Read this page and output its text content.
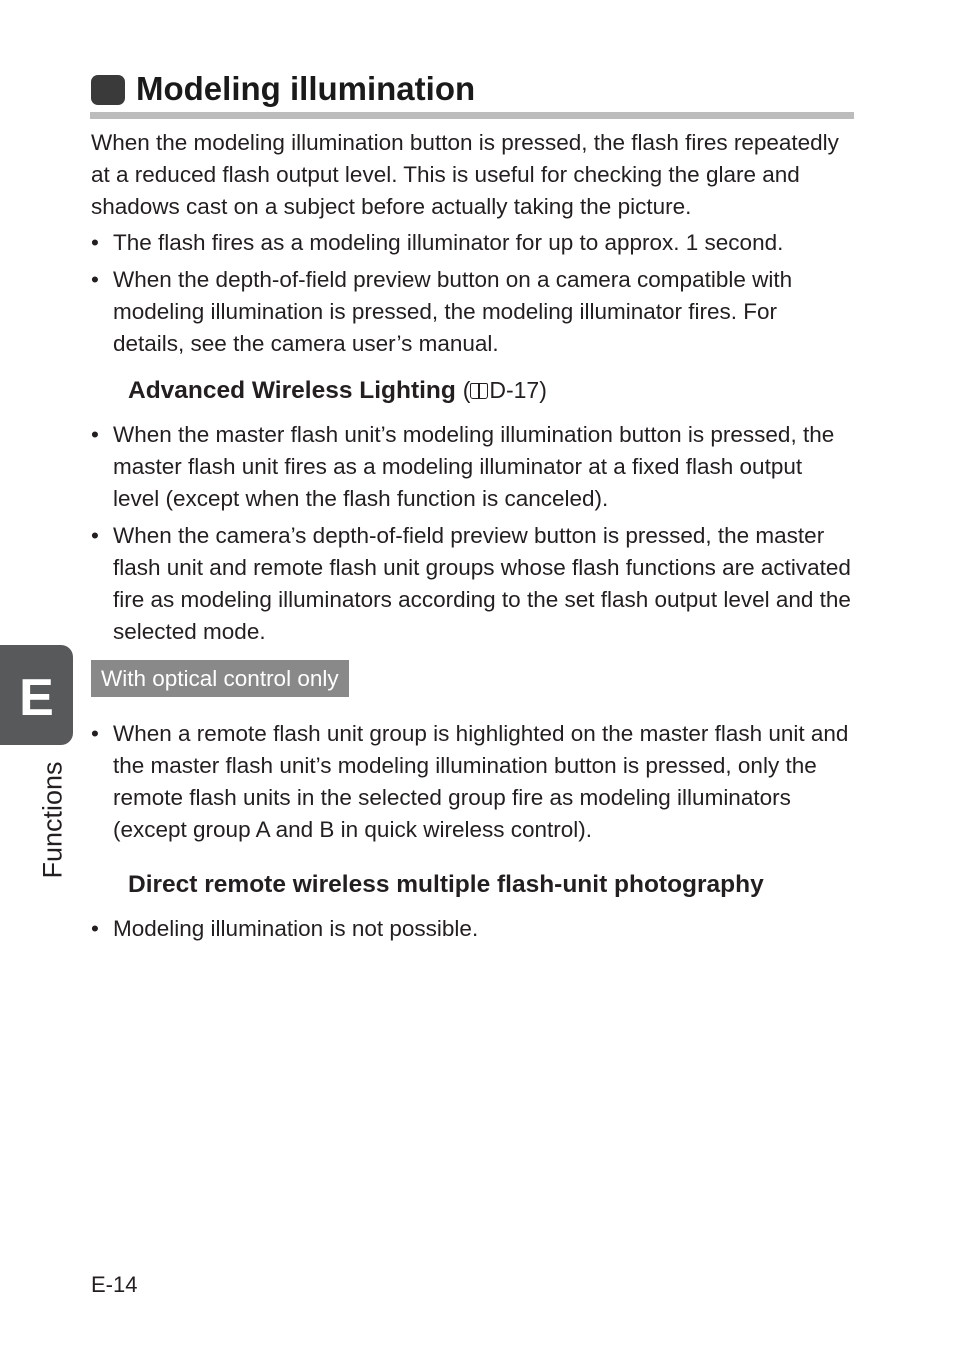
Modeling illumination

When the modeling illumination button is pressed, the flash fires repeatedly at a reduced flash output level. This is useful for checking the glare and shadows cast on a subject before actually taking the picture.

• The flash fires as a modeling illuminator for up to approx. 1 second.
• When the depth-of-field preview button on a camera compatible with modeling illumination is pressed, the modeling illuminator fires. For details, see the camera user’s manual.
Advanced Wireless Lighting ( D-17)
• When the master flash unit’s modeling illumination button is pressed, the master flash unit fires as a modeling illuminator at a fixed flash output level (except when the flash function is canceled).
• When the camera’s depth-of-field preview button is pressed, the master flash unit and remote flash unit groups whose flash functions are activated fire as modeling illuminators according to the set flash output level and the selected mode.
With optical control only
• When a remote flash unit group is highlighted on the master flash unit and the master flash unit’s modeling illumination button is pressed, only the remote flash units in the selected group fire as modeling illuminators (except group A and B in quick wireless control).
Direct remote wireless multiple flash-unit photography
• Modeling illumination is not possible.

E

Functions

E-14
